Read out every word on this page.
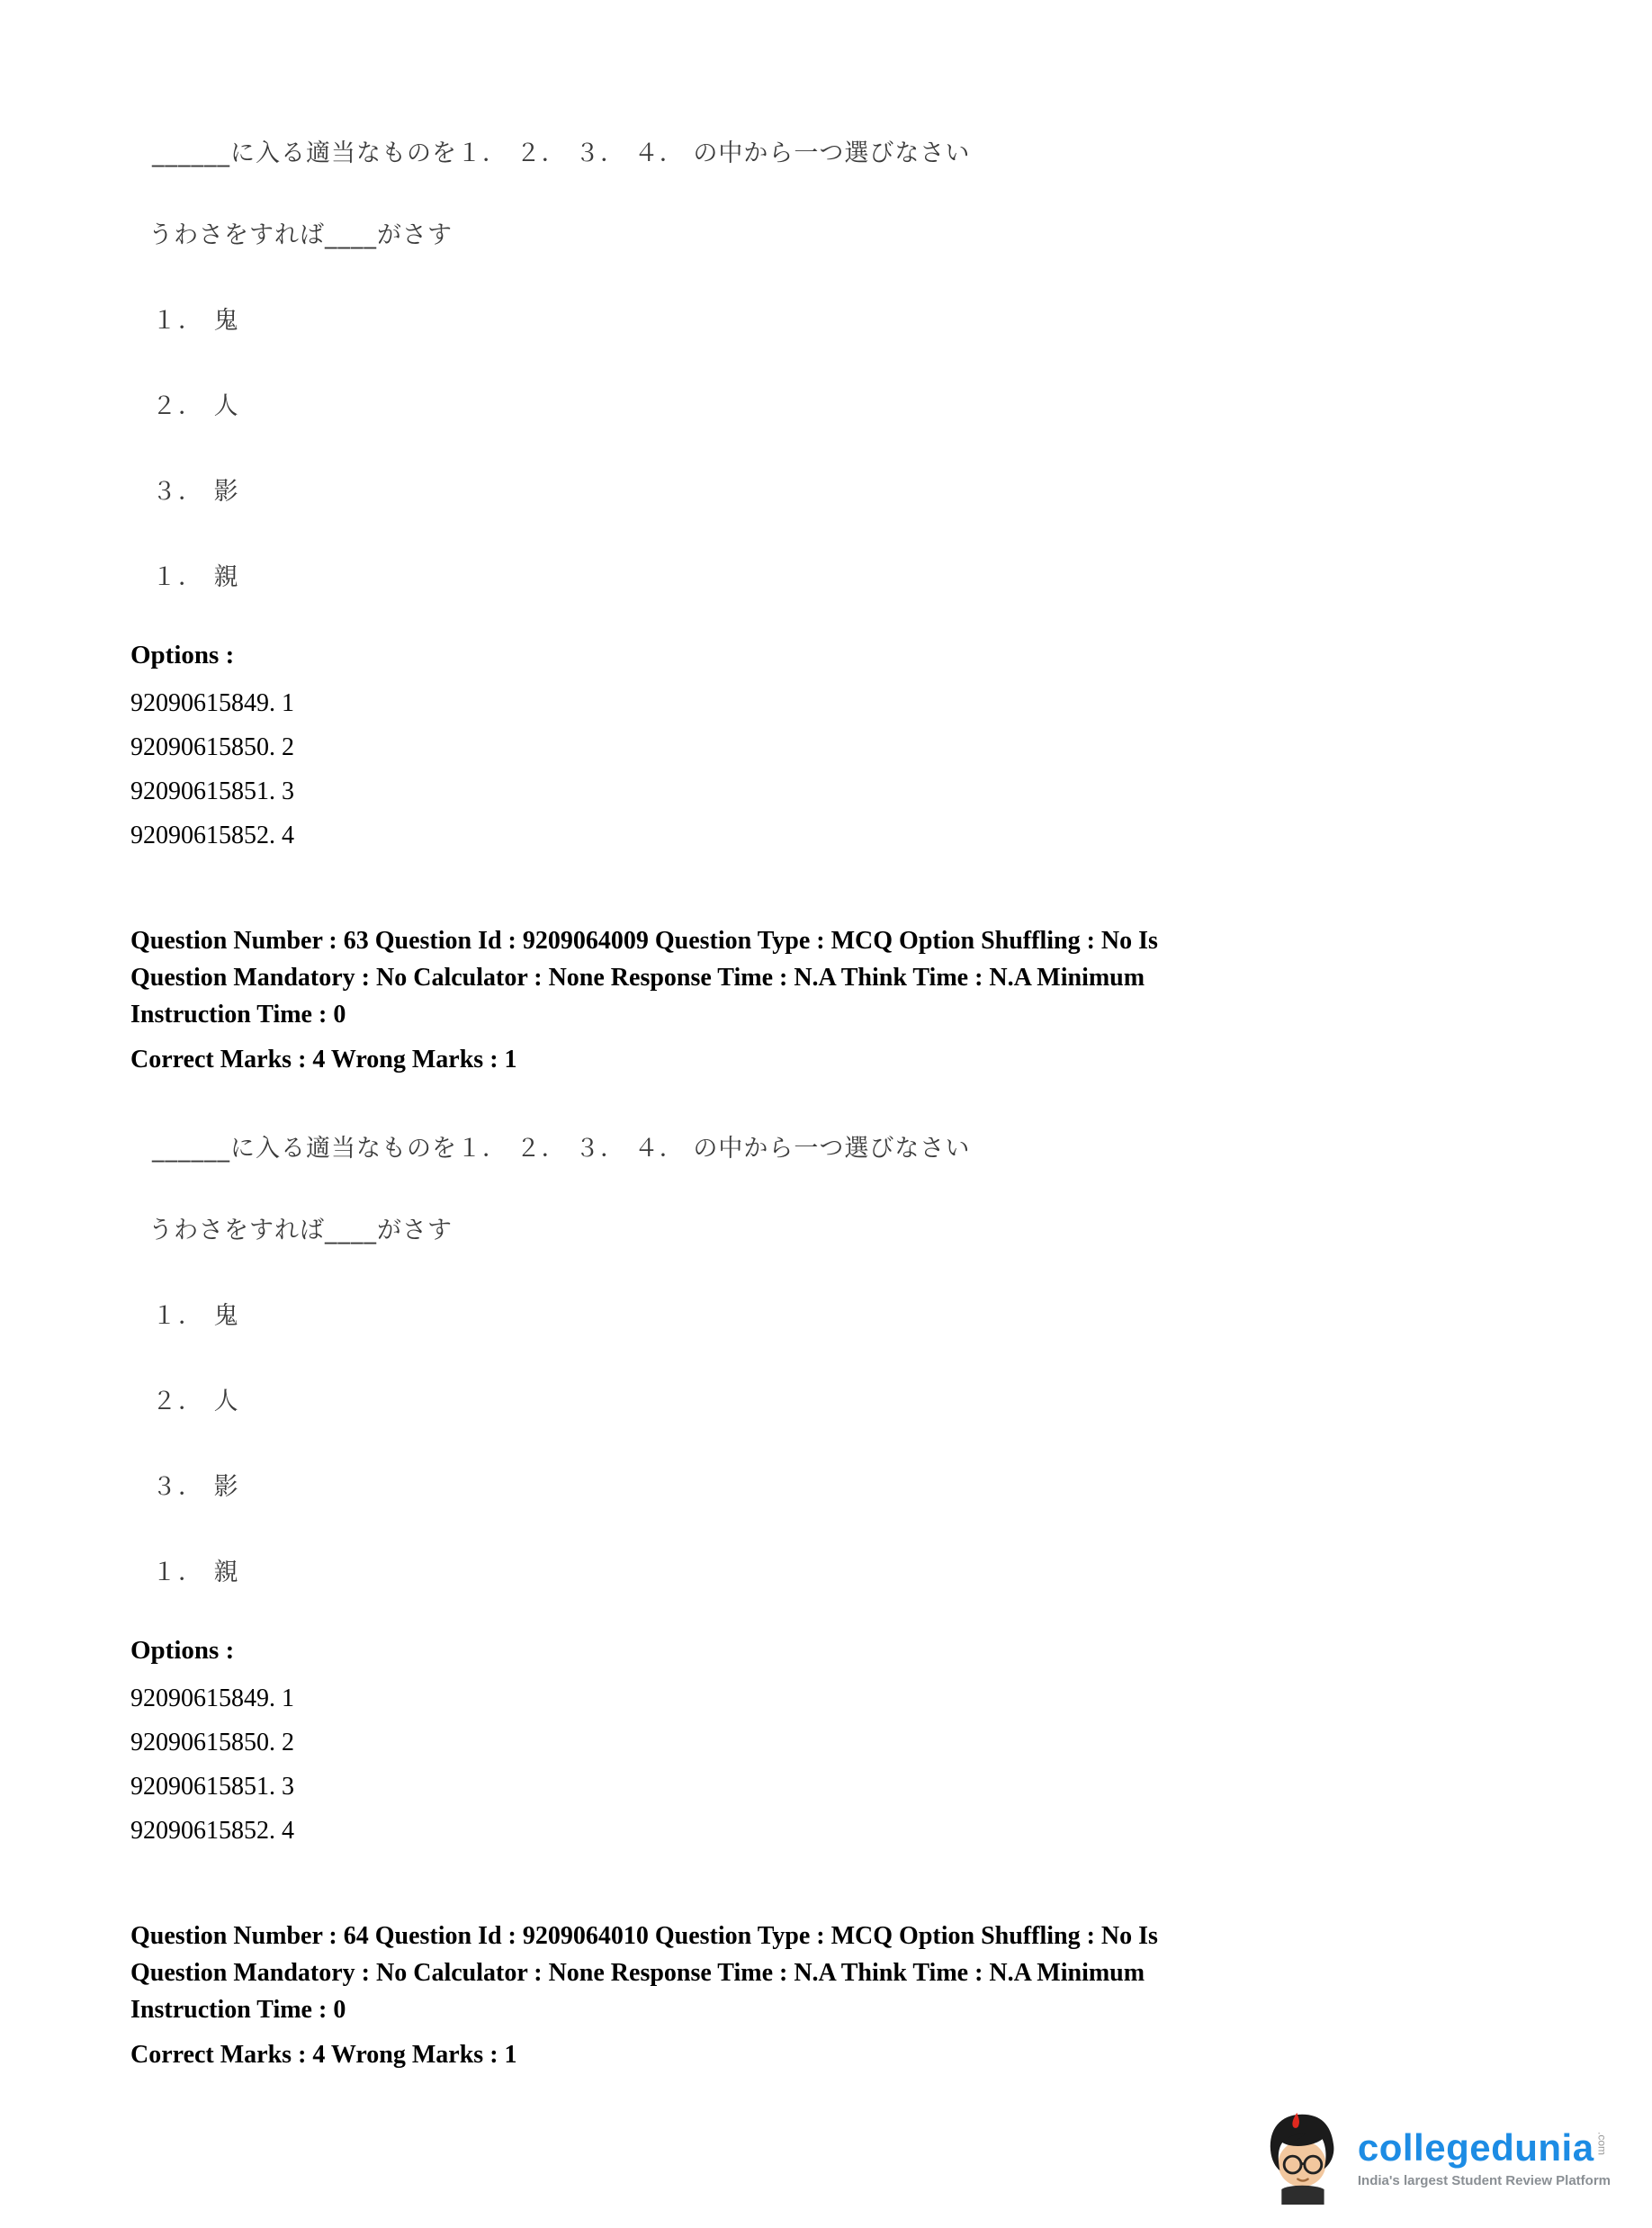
______に入る適当なものを１． ２． ３． ４． の中から一つ選びなさい
うわさをすれば____がさす
１． 鬼
２． 人
３． 影
１． 親
Options :
92090615849. 1
92090615850. 2
92090615851. 3
92090615852. 4
Question Number : 63 Question Id : 9209064009 Question Type : MCQ Option Shuffling : No Is
Question Mandatory : No Calculator : None Response Time : N.A Think Time : N.A Minimum
Instruction Time : 0
Correct Marks : 4 Wrong Marks : 1
______に入る適当なものを１． ２． ３． ４． の中から一つ選びなさい
うわさをすれば____がさす
１． 鬼
２． 人
３． 影
１． 親
Options :
92090615849. 1
92090615850. 2
92090615851. 3
92090615852. 4
Question Number : 64 Question Id : 9209064010 Question Type : MCQ Option Shuffling : No Is
Question Mandatory : No Calculator : None Response Time : N.A Think Time : N.A Minimum
Instruction Time : 0
Correct Marks : 4 Wrong Marks : 1
collegedunia .com
India's largest Student Review Platform
